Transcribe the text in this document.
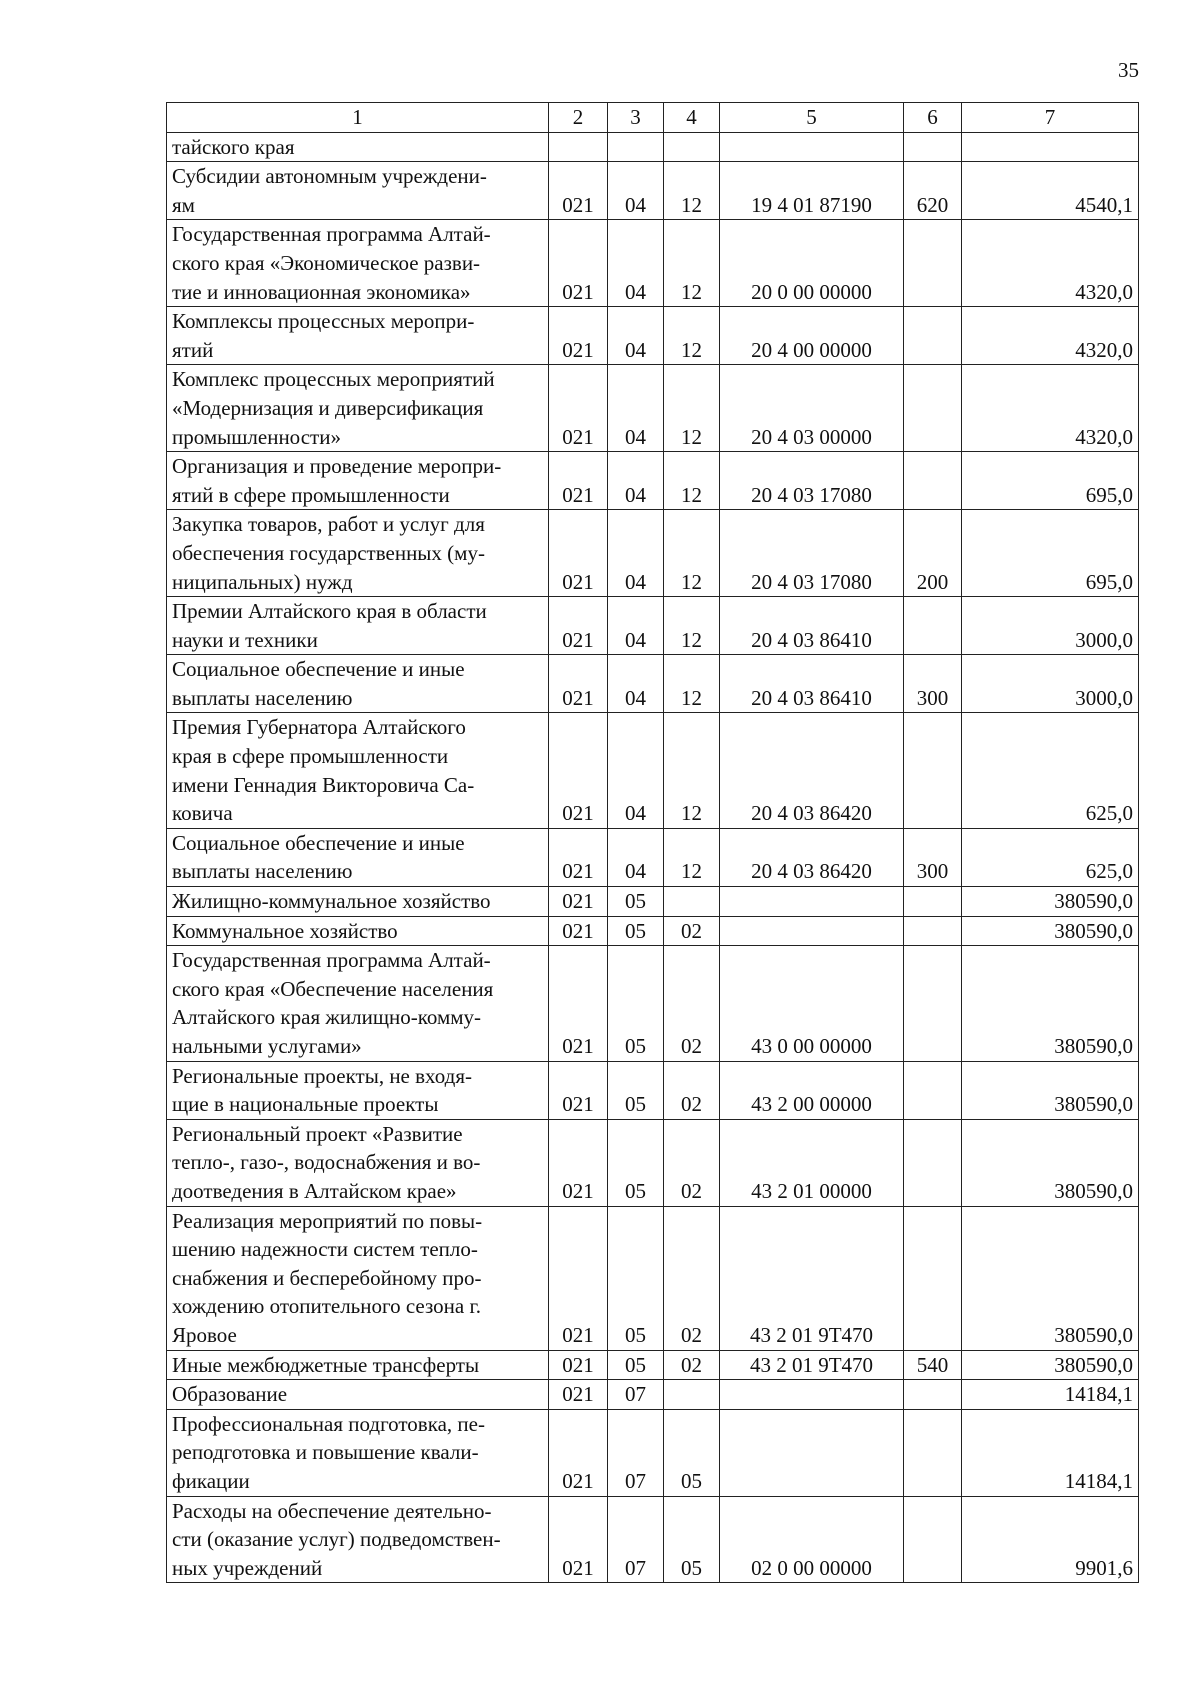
35
1	2	3	4	5	6	7

тайского края						

Субсидии автономным учреждени-
ям	021	04	12	19 4 01 87190	620	4540,1

Государственная программа Алтай-
ского края «Экономическое разви-
тие и инновационная экономика»	021	04	12	20 0 00 00000		4320,0

Комплексы процессных меропри-
ятий	021	04	12	20 4 00 00000		4320,0

Комплекс процессных мероприятий
«Модернизация и диверсификация
промышленности»	021	04	12	20 4 03 00000		4320,0

Организация и проведение меропри-
ятий в сфере промышленности	021	04	12	20 4 03 17080		695,0

Закупка товаров, работ и услуг для
обеспечения государственных (му-
ниципальных) нужд	021	04	12	20 4 03 17080	200	695,0

Премии Алтайского края в области
науки и техники	021	04	12	20 4 03 86410		3000,0

Социальное обеспечение и иные
выплаты населению	021	04	12	20 4 03 86410	300	3000,0

Премия Губернатора Алтайского
края в сфере промышленности
имени Геннадия Викторовича Са-
ковича	021	04	12	20 4 03 86420		625,0

Социальное обеспечение и иные
выплаты населению	021	04	12	20 4 03 86420	300	625,0

Жилищно-коммунальное хозяйство	021	05				380590,0

Коммунальное хозяйство	021	05	02			380590,0

Государственная программа Алтай-
ского края «Обеспечение населения
Алтайского края жилищно-комму-
нальными услугами»	021	05	02	43 0 00 00000		380590,0

Региональные проекты, не входя-
щие в национальные проекты	021	05	02	43 2 00 00000		380590,0

Региональный проект «Развитие
тепло-, газо-, водоснабжения и во-
доотведения в Алтайском крае»	021	05	02	43 2 01 00000		380590,0

Реализация мероприятий по повы-
шению надежности систем тепло-
снабжения и бесперебойному про-
хождению отопительного сезона г.
Яровое	021	05	02	43 2 01 9Т470		380590,0

Иные межбюджетные трансферты	021	05	02	43 2 01 9Т470	540	380590,0

Образование	021	07				14184,1

Профессиональная подготовка, пе-
реподготовка и повышение квали-
фикации	021	07	05			14184,1

Расходы на обеспечение деятельно-
сти (оказание услуг) подведомствен-
ных учреждений	021	07	05	02 0 00 00000		9901,6
